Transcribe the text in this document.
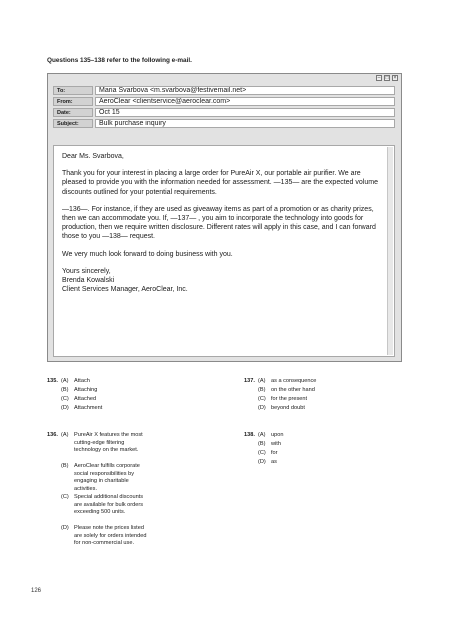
Questions 135–138 refer to the following e-mail.
–	□	×
To:	Maria Svarbova <m.svarbova@festivemail.net>
From:	AeroClear <clientservice@aeroclear.com>
Date:	Oct 15
Subject:	Bulk purchase inquiry

Dear Ms. Svarbova,

Thank you for your interest in placing a large order for PureAir X, our portable air purifier. We are pleased to provide you with the information needed for assessment. —135— are the expected volume discounts outlined for your potential requirements.

—136—. For instance, if they are used as giveaway items as part of a promotion or as charity prizes, then we can accommodate you. If, —137— , you aim to incorporate the technology into goods for production, then we require written disclosure. Different rates will apply in this case, and I can forward those to you —138— request.

We very much look forward to doing business with you.

Yours sincerely,
Brenda Kowalski
Client Services Manager, AeroClear, Inc.
135. (A) Attach
(B) Attaching
(C) Attached
(D) Attachment
136. (A) PureAir X features the most cutting-edge filtering technology on the market.
(B) AeroClear fulfills corporate social responsibilities by engaging in charitable activities.
(C) Special additional discounts are available for bulk orders exceeding 500 units.
(D) Please note the prices listed are solely for orders intended for non-commercial use.
137. (A) as a consequence
(B) on the other hand
(C) for the present
(D) beyond doubt
138. (A) upon
(B) with
(C) for
(D) as
126
